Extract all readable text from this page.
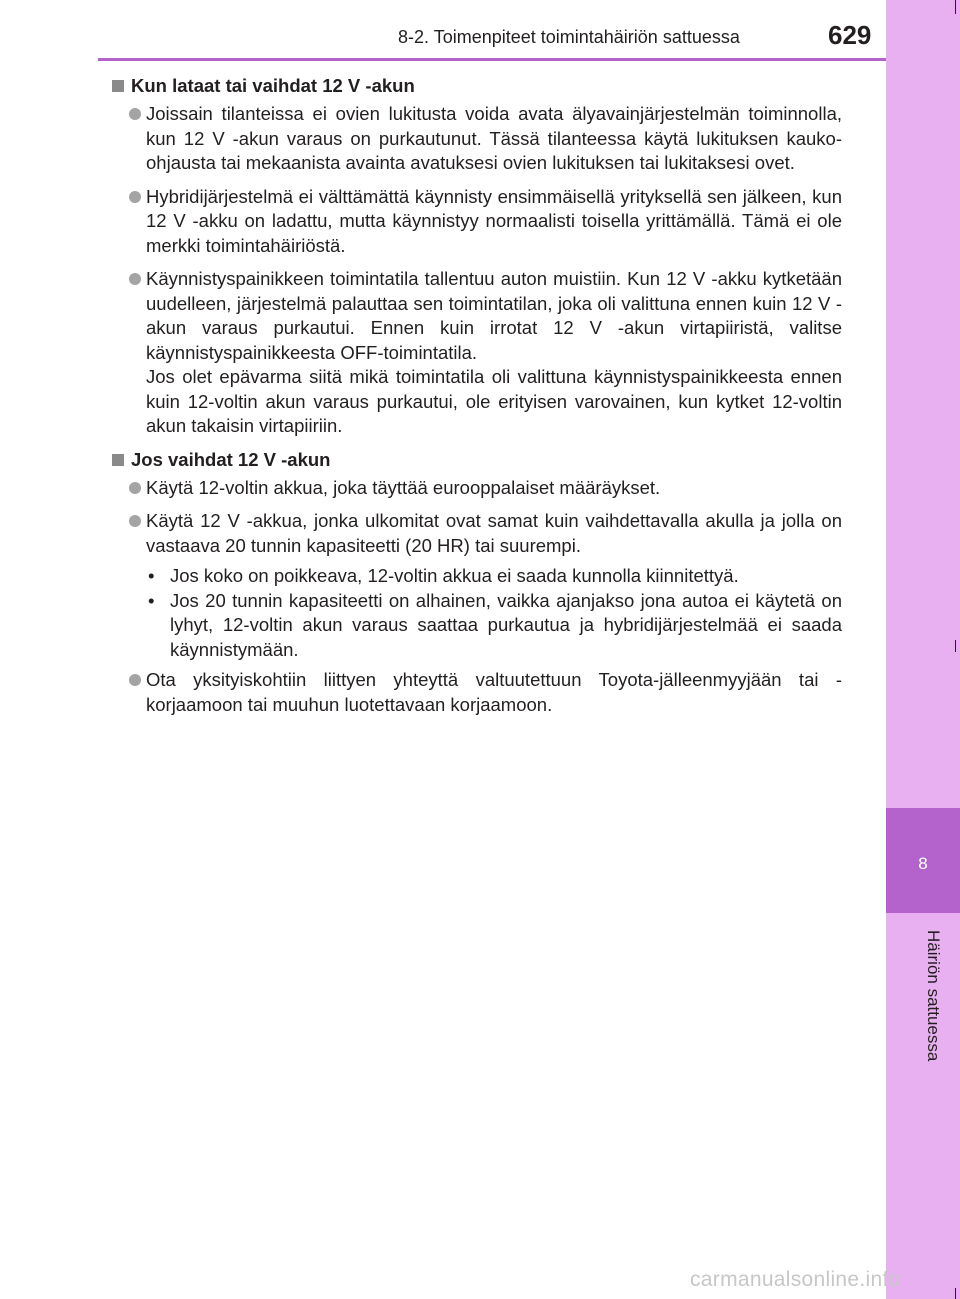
8
Häiriön sattuessa
8-2. Toimenpiteet toimintahäiriön sattuessa	629
Kun lataat tai vaihdat 12 V -akun
Joissain tilanteissa ei ovien lukitusta voida avata älyavainjärjestelmän toiminnolla, kun 12 V -akun varaus on purkautunut. Tässä tilanteessa käytä lukituksen kauko-ohjausta tai mekaanista avainta avatuksesi ovien lukituksen tai lukitaksesi ovet.
Hybridijärjestelmä ei välttämättä käynnisty ensimmäisellä yrityksellä sen jälkeen, kun 12 V -akku on ladattu, mutta käynnistyy normaalisti toisella yrittämällä. Tämä ei ole merkki toimintahäiriöstä.
Käynnistyspainikkeen toimintatila tallentuu auton muistiin. Kun 12 V -akku kytketään uudelleen, järjestelmä palauttaa sen toimintatilan, joka oli valittuna ennen kuin 12 V -akun varaus purkautui. Ennen kuin irrotat 12 V -akun virtapiiristä, valitse käynnistyspainikkeesta OFF-toimintatila.
Jos olet epävarma siitä mikä toimintatila oli valittuna käynnistyspainikkeesta ennen kuin 12-voltin akun varaus purkautui, ole erityisen varovainen, kun kytket 12-voltin akun takaisin virtapiiriin.
Jos vaihdat 12 V -akun
Käytä 12-voltin akkua, joka täyttää eurooppalaiset määräykset.
Käytä 12 V -akkua, jonka ulkomitat ovat samat kuin vaihdettavalla akulla ja jolla on vastaava 20 tunnin kapasiteetti (20 HR) tai suurempi.
• Jos koko on poikkeava, 12-voltin akkua ei saada kunnolla kiinnitettyä.
• Jos 20 tunnin kapasiteetti on alhainen, vaikka ajanjakso jona autoa ei käytetä on lyhyt, 12-voltin akun varaus saattaa purkautua ja hybridijärjestelmää ei saada käynnistymään.
Ota yksityiskohtiin liittyen yhteyttä valtuutettuun Toyota-jälleenmyyjään tai -korjaamoon tai muuhun luotettavaan korjaamoon.
carmanualsonline.info
